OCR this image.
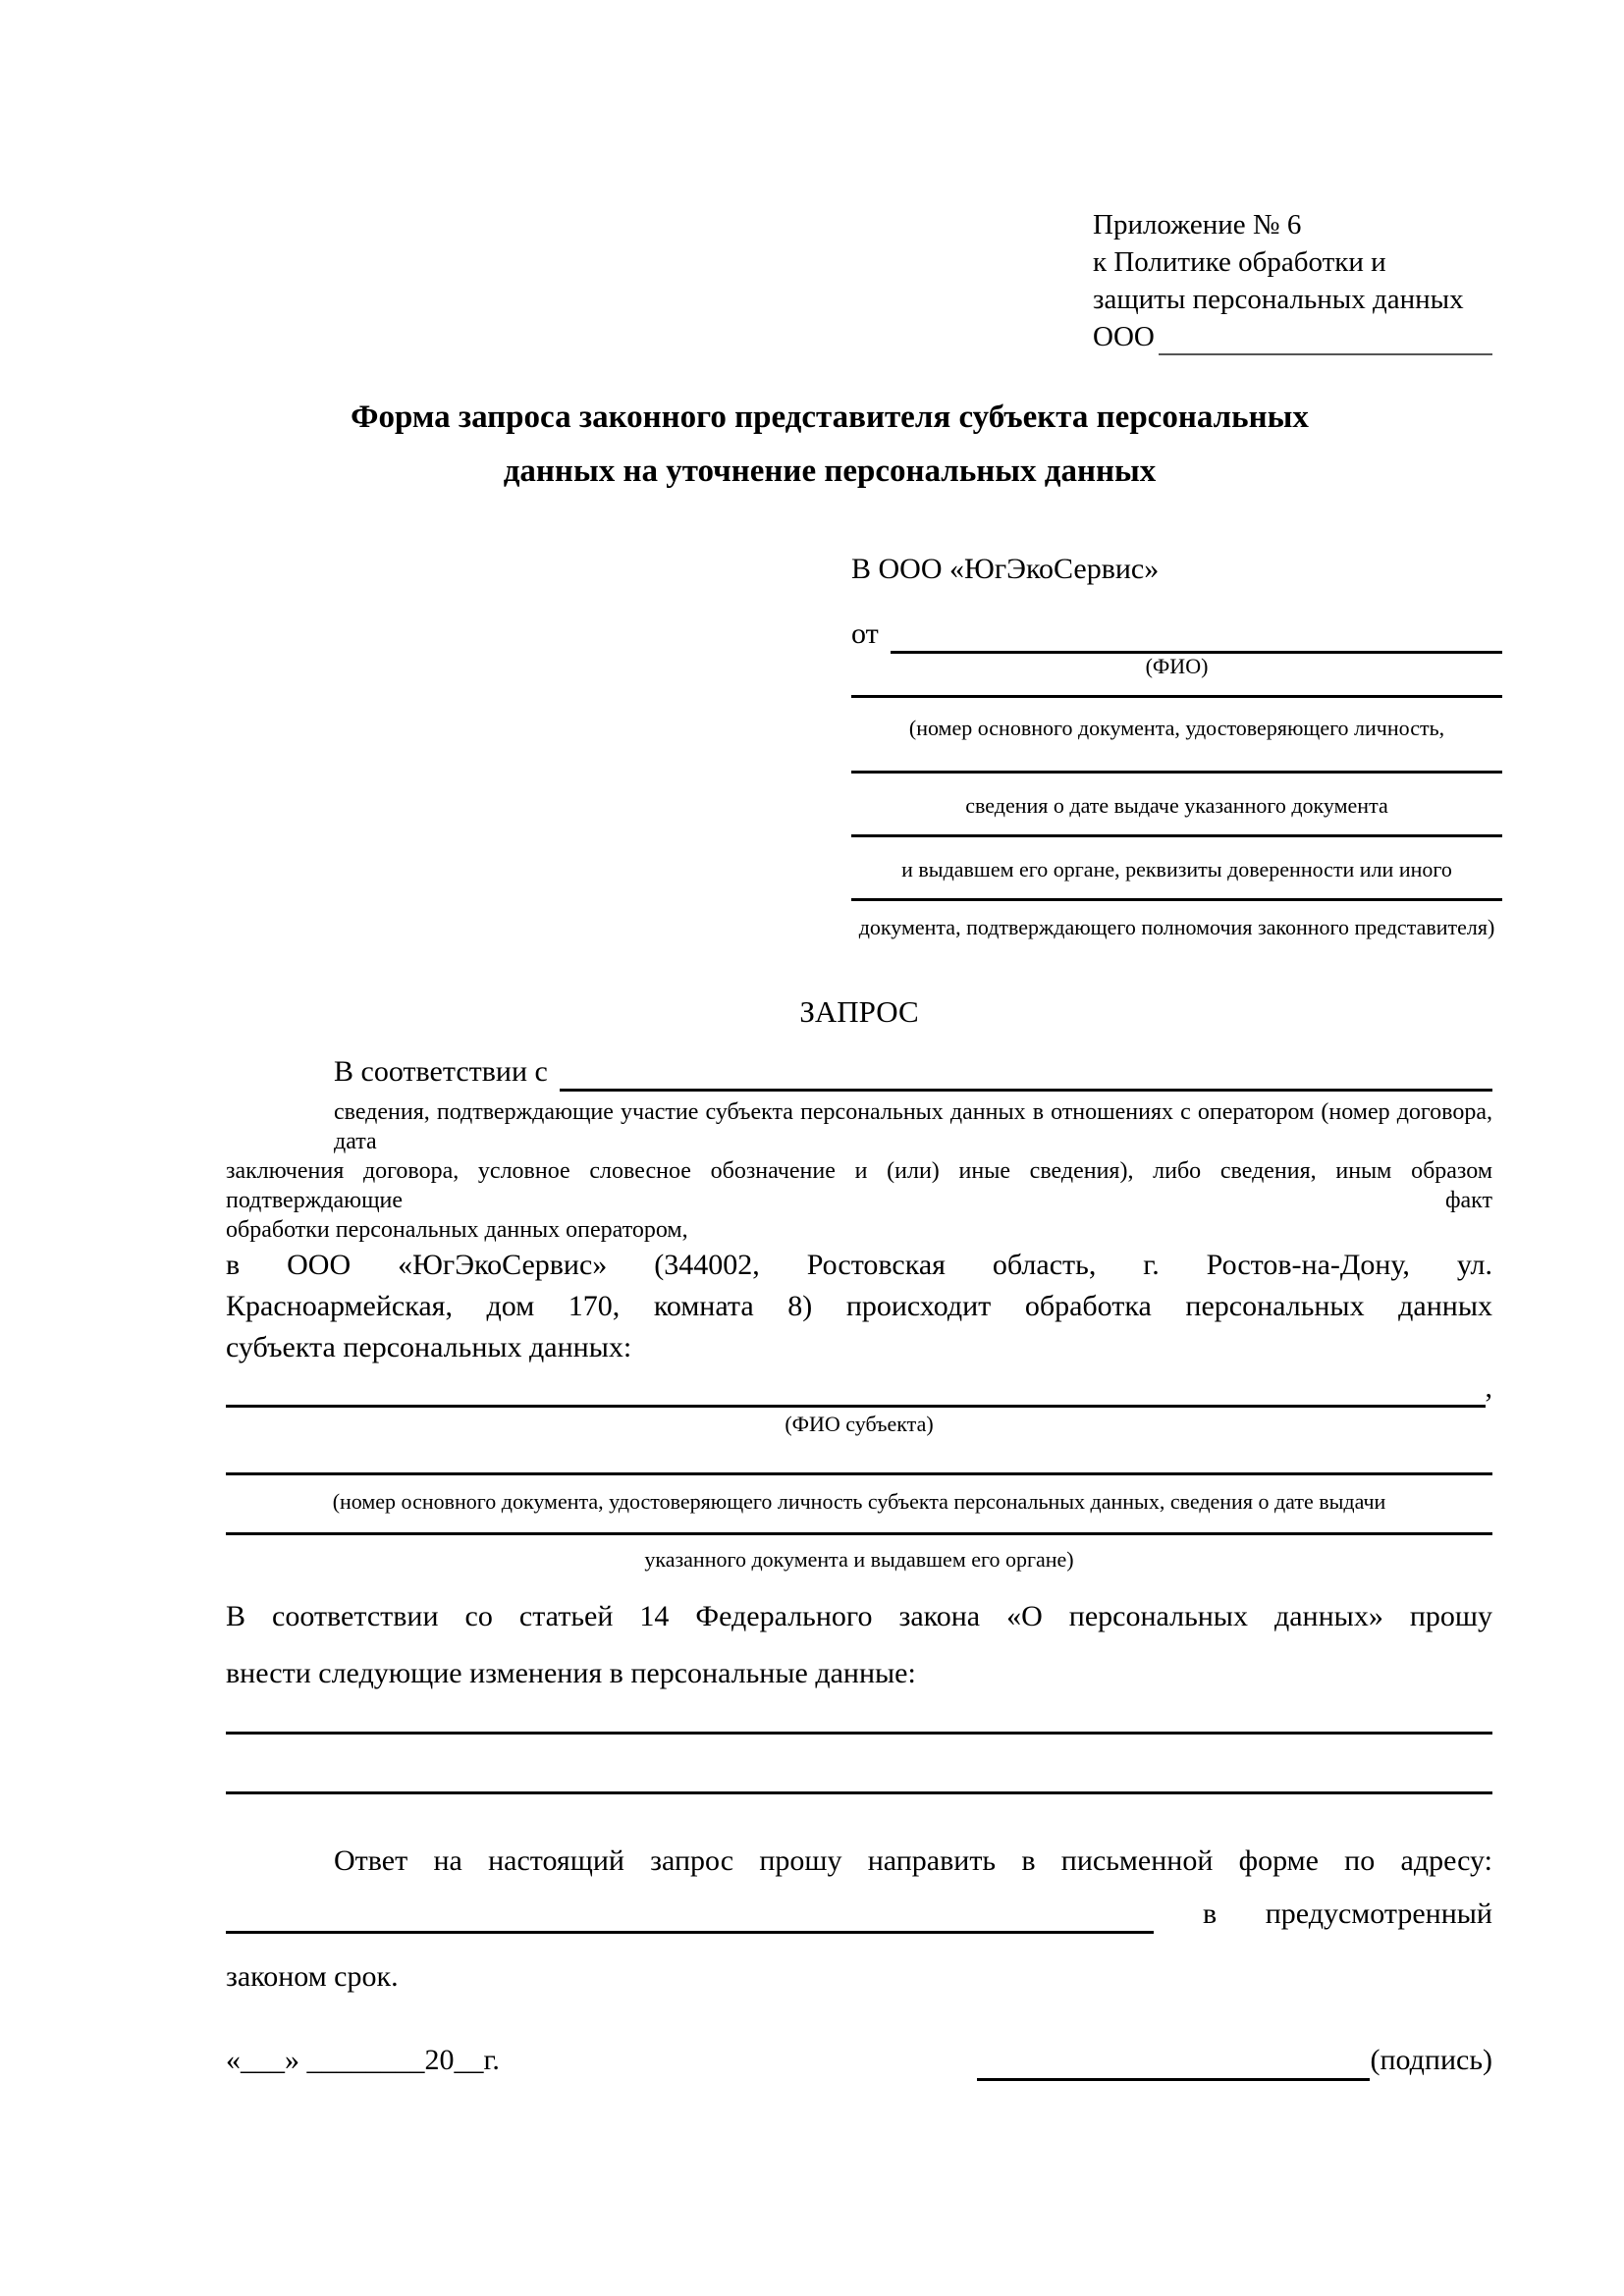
Приложение № 6
к Политике обработки и
защиты персональных данных
ООО
Форма запроса законного представителя субъекта персональных
данных на уточнение персональных данных
В ООО «ЮгЭкоСервис»
от
(ФИО)
(номер основного документа, удостоверяющего личность,
сведения о дате выдаче указанного документа
и выдавшем его органе, реквизиты доверенности или иного
документа, подтверждающего полномочия законного представителя)
ЗАПРОС
В соответствии с
сведения, подтверждающие участие субъекта персональных данных в отношениях с оператором (номер договора, дата
заключения договора, условное словесное обозначение и (или) иные сведения), либо сведения, иным образом подтверждающие факт
обработки персональных данных оператором,
в ООО «ЮгЭкоСервис» (344002, Ростовская область, г. Ростов-на-Дону, ул.
Красноармейская, дом 170, комната 8) происходит обработка персональных данных
субъекта персональных данных:
,
(ФИО субъекта)
(номер основного документа, удостоверяющего личность субъекта персональных данных, сведения о дате выдачи
указанного документа и выдавшем его органе)
В соответствии со статьей 14 Федерального закона «О персональных данных» прошу
внести следующие изменения в персональные данные:
Ответ на настоящий запрос прошу направить в письменной форме по адресу:
в предусмотренный
законом срок.
«___» ________20__г.	(подпись)
